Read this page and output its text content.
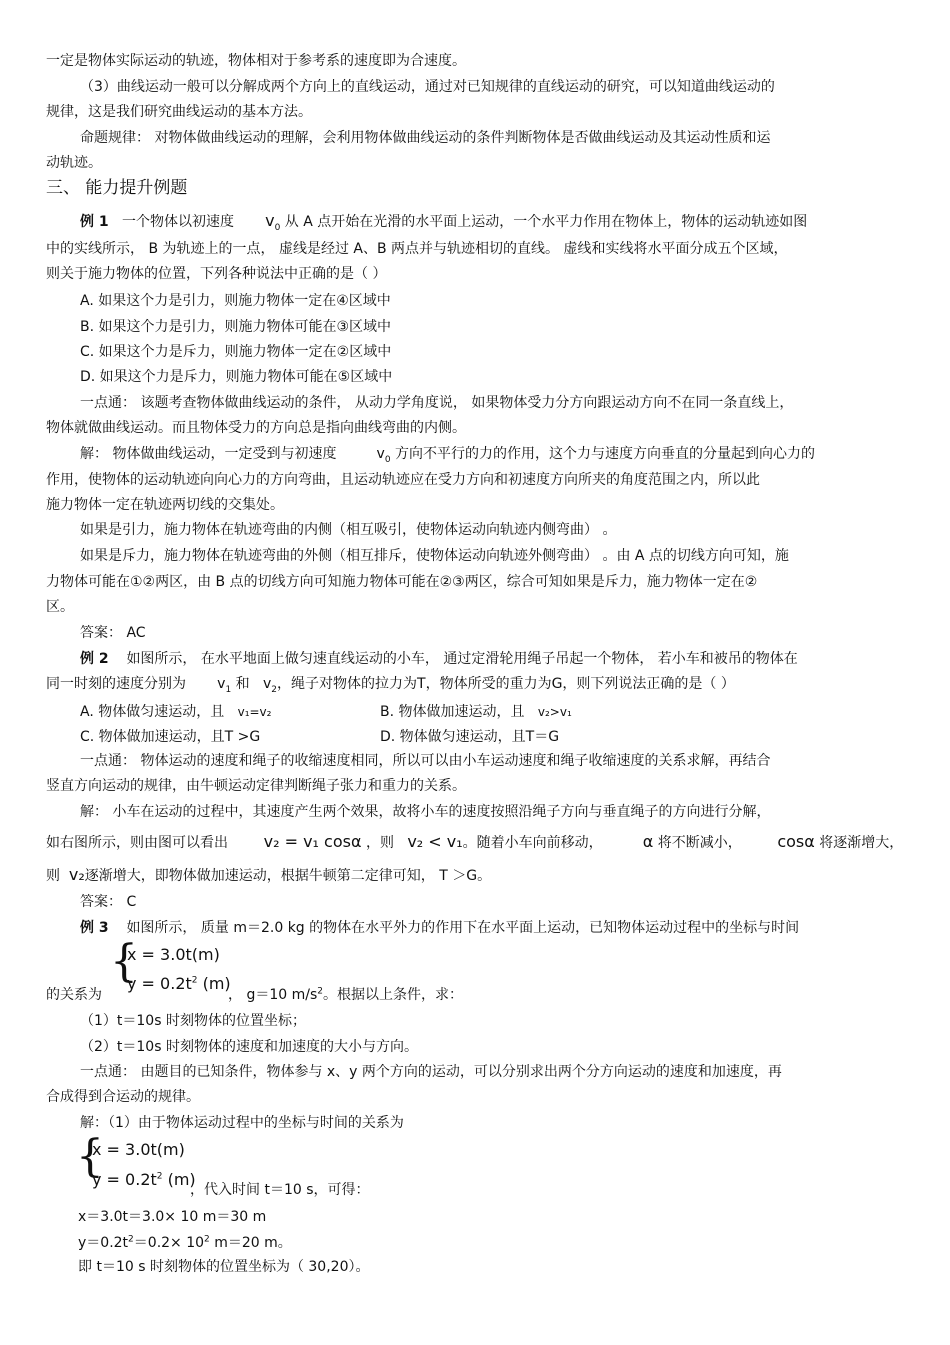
一定是物体实际运动的轨迹，物体相对于参考系的速度即为合速度。
（3）曲线运动一般可以分解成两个方向上的直线运动，通过对已知规律的直线运动的研究，可以知道曲线运动的
规律，这是我们研究曲线运动的基本方法。
命题规律： 对物体做曲线运动的理解，会利用物体做曲线运动的条件判断物体是否做曲线运动及其运动性质和运
动轨迹。
三、 能力提升例题
例 1 一个物体以初速度 $v_0$ 从 A 点开始在光滑的水平面上运动，一个水平力作用在物体上，物体的运动轨迹如图
中的实线所示， B 为轨迹上的一点， 虚线是经过 A、B 两点并与轨迹相切的直线。 虚线和实线将水平面分成五个区域，
则关于施力物体的位置，下列各种说法中正确的是（ ）
A. 如果这个力是引力，则施力物体一定在④区域中
B. 如果这个力是引力，则施力物体可能在③区域中
C. 如果这个力是斥力，则施力物体一定在②区域中
D. 如果这个力是斥力，则施力物体可能在⑤区域中
一点通： 该题考查物体做曲线运动的条件， 从动力学角度说， 如果物体受力分方向跟运动方向不在同一条直线上，
物体就做曲线运动。而且物体受力的方向总是指向曲线弯曲的内侧。
解： 物体做曲线运动，一定受到与初速度	$v_0$ 方向不平行的力的作用，这个力与速度方向垂直的分量起到向心力的
作用，使物体的运动轨迹向向心力的方向弯曲，且运动轨迹应在受力方向和初速度方向所夹的角度范围之内，所以此
施力物体一定在轨迹两切线的交集处。
如果是引力，施力物体在轨迹弯曲的内侧（相互吸引，使物体运动向轨迹内侧弯曲） 。
如果是斥力，施力物体在轨迹弯曲的外侧（相互排斥，使物体运动向轨迹外侧弯曲） 。由 A 点的切线方向可知，施
力物体可能在①②两区，由 B 点的切线方向可知施力物体可能在②③两区，综合可知如果是斥力，施力物体一定在②
区。
答案： AC
例 2 如图所示， 在水平地面上做匀速直线运动的小车， 通过定滑轮用绳子吊起一个物体， 若小车和被吊的物体在
同一时刻的速度分别为 $v_1$ 和 $v_2$，绳子对物体的拉力为T，物体所受的重力为G，则下列说法正确的是（ ）
A. 物体做匀速运动，且 v₁=v₂	B. 物体做加速运动，且 v₂>v₁
C. 物体做加速运动，且T >G	D. 物体做匀速运动，且T＝G
一点通： 物体运动的速度和绳子的收缩速度相同，所以可以由小车运动速度和绳子收缩速度的关系求解，再结合
竖直方向运动的规律，由牛顿运动定律判断绳子张力和重力的关系。
解： 小车在运动的过程中，其速度产生两个效果，故将小车的速度按照沿绳子方向与垂直绳子的方向进行分解，
如右图所示，则由图可以看出 v₂ = v₁ cosα ，则 v₂ < v₁。随着小车向前移动，	α 将不断减小， cosα 将逐渐增大，
则 v₂逐渐增大，即物体做加速运动，根据牛顿第二定律可知， T ＞G。
答案： C
例 3 如图所示， 质量 m＝2.0 kg 的物体在水平外力的作用下在水平面上运动，已知物体运动过程中的坐标与时间
{
x = 3.0t(m)
$y = 0.2t^2$ (m)
的关系为	， g＝10 $m/s^2$。根据以上条件，求：
（1）t＝10s 时刻物体的位置坐标；
（2）t＝10s 时刻物体的速度和加速度的大小与方向。
一点通： 由题目的已知条件，物体参与 x、y 两个方向的运动，可以分别求出两个分方向运动的速度和加速度，再
合成得到合运动的规律。
解：（1）由于物体运动过程中的坐标与时间的关系为
{
x = 3.0t(m)
$y = 0.2t^2$ (m)
，代入时间 t＝10 s，可得：
x＝3.0t＝3.0× 10 m＝30 m
$y=0.2t^2=0.2\times 10^2$ m＝20 m。
即 t＝10 s 时刻物体的位置坐标为（ 30,20）。
